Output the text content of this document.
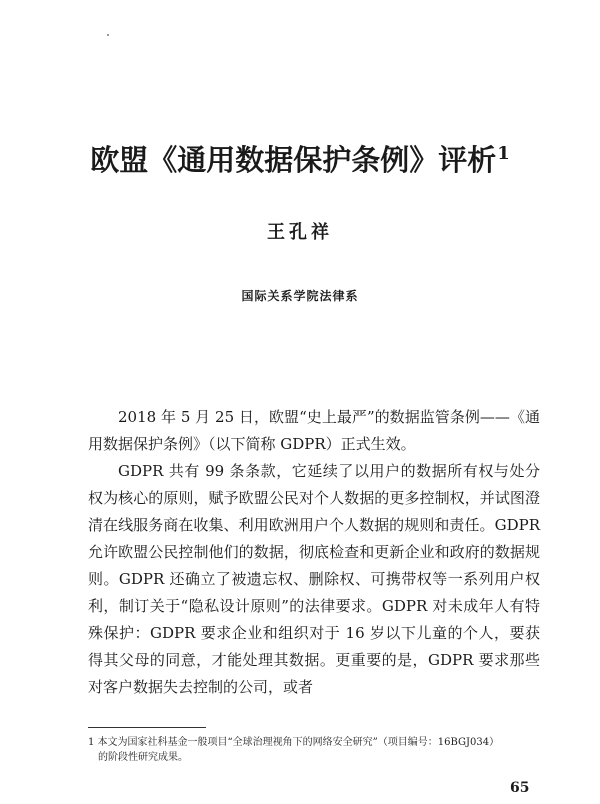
欧盟《通用数据保护条例》评析$^1$
王孔祥
国际关系学院法律系

2018 年 5 月 25 日，欧盟“史上最严”的数据监管条例——《通用数据保护条例》（以下简称 GDPR）正式生效。

GDPR 共有 99 条条款，它延续了以用户的数据所有权与处分权为核心的原则，赋予欧盟公民对个人数据的更多控制权，并试图澄清在线服务商在收集、利用欧洲用户个人数据的规则和责任。GDPR 允许欧盟公民控制他们的数据，彻底检查和更新企业和政府的数据规则。GDPR 还确立了被遗忘权、删除权、可携带权等一系列用户权利，制订关于“隐私设计原则”的法律要求。GDPR 对未成年人有特殊保护：GDPR 要求企业和组织对于 16 岁以下儿童的个人，要获得其父母的同意，才能处理其数据。更重要的是，GDPR 要求那些对客户数据失去控制的公司，或者

1 本文为国家社科基金一般项目“全球治理视角下的网络安全研究”（项目编号：16BGJ034）
的阶段性研究成果。
65
